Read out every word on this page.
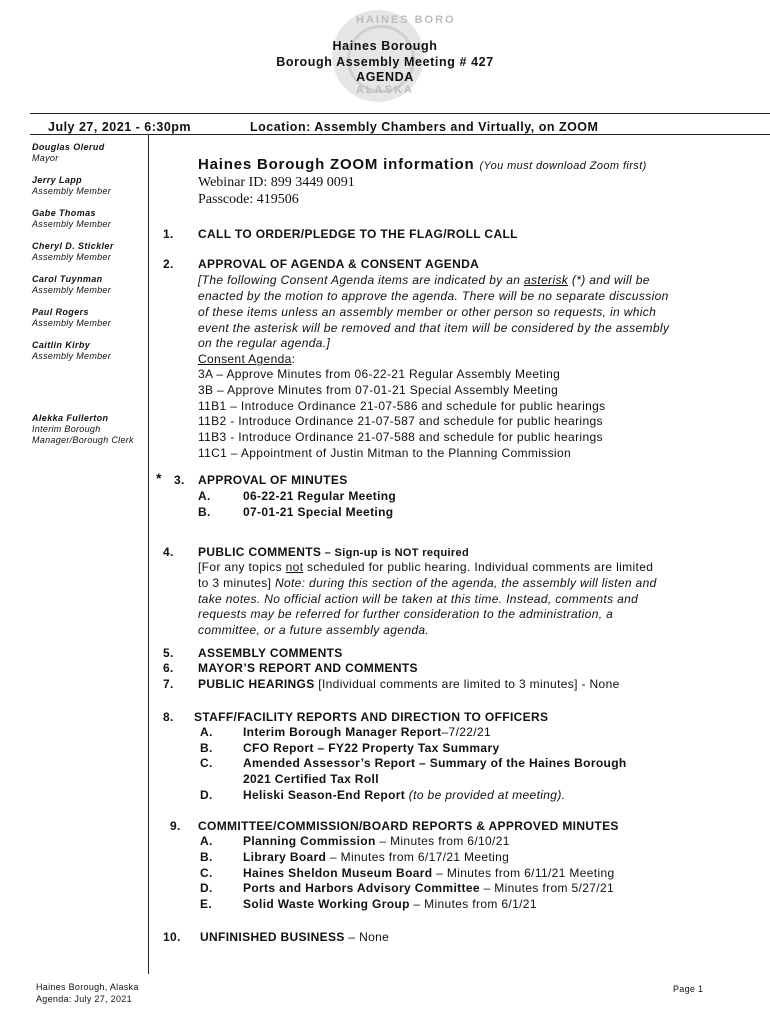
HAINES BORO
ALASKA
Haines Borough
Borough Assembly Meeting # 427
AGENDA
July 27, 2021 - 6:30pm	Location: Assembly Chambers and Virtually, on ZOOM
Douglas Olerud
Mayor
Jerry Lapp
Assembly Member
Gabe Thomas
Assembly Member
Cheryl D. Stickler
Assembly Member
Carol Tuynman
Assembly Member
Paul Rogers
Assembly Member
Caitlin Kirby
Assembly Member
Alekka Fullerton
Interim Borough
Manager/Borough Clerk
Haines Borough ZOOM information (You must download Zoom first)
Webinar ID: 899 3449 0091
Passcode: 419506
1. CALL TO ORDER/PLEDGE TO THE FLAG/ROLL CALL
2. APPROVAL OF AGENDA & CONSENT AGENDA
[The following Consent Agenda items are indicated by an asterisk (*) and will be
enacted by the motion to approve the agenda. There will be no separate discussion
of these items unless an assembly member or other person so requests, in which
event the asterisk will be removed and that item will be considered by the assembly
on the regular agenda.]
Consent Agenda:
3A – Approve Minutes from 06-22-21 Regular Assembly Meeting
3B – Approve Minutes from 07-01-21 Special Assembly Meeting
11B1 – Introduce Ordinance 21-07-586 and schedule for public hearings
11B2 - Introduce Ordinance 21-07-587 and schedule for public hearings
11B3 - Introduce Ordinance 21-07-588 and schedule for public hearings
11C1 – Appointment of Justin Mitman to the Planning Commission
* 3. APPROVAL OF MINUTES
A.	06-22-21 Regular Meeting
B.	07-01-21 Special Meeting
4. PUBLIC COMMENTS – Sign-up is NOT required
[For any topics not scheduled for public hearing. Individual comments are limited
to 3 minutes] Note: during this section of the agenda, the assembly will listen and
take notes. No official action will be taken at this time. Instead, comments and
requests may be referred for further consideration to the administration, a
committee, or a future assembly agenda.
5. ASSEMBLY COMMENTS
6. MAYOR’S REPORT AND COMMENTS
7. PUBLIC HEARINGS [Individual comments are limited to 3 minutes] - None
8. STAFF/FACILITY REPORTS AND DIRECTION TO OFFICERS
A.	Interim Borough Manager Report–7/22/21
B.	CFO Report – FY22 Property Tax Summary
C.	Amended Assessor’s Report – Summary of the Haines Borough
2021 Certified Tax Roll
D.	Heliski Season-End Report (to be provided at meeting).
9. COMMITTEE/COMMISSION/BOARD REPORTS & APPROVED MINUTES
A.	Planning Commission – Minutes from 6/10/21
B.	Library Board – Minutes from 6/17/21 Meeting
C.	Haines Sheldon Museum Board – Minutes from 6/11/21 Meeting
D.	Ports and Harbors Advisory Committee – Minutes from 5/27/21
E.	Solid Waste Working Group – Minutes from 6/1/21
10. UNFINISHED BUSINESS – None
Haines Borough, Alaska
Agenda: July 27, 2021
Page 1
